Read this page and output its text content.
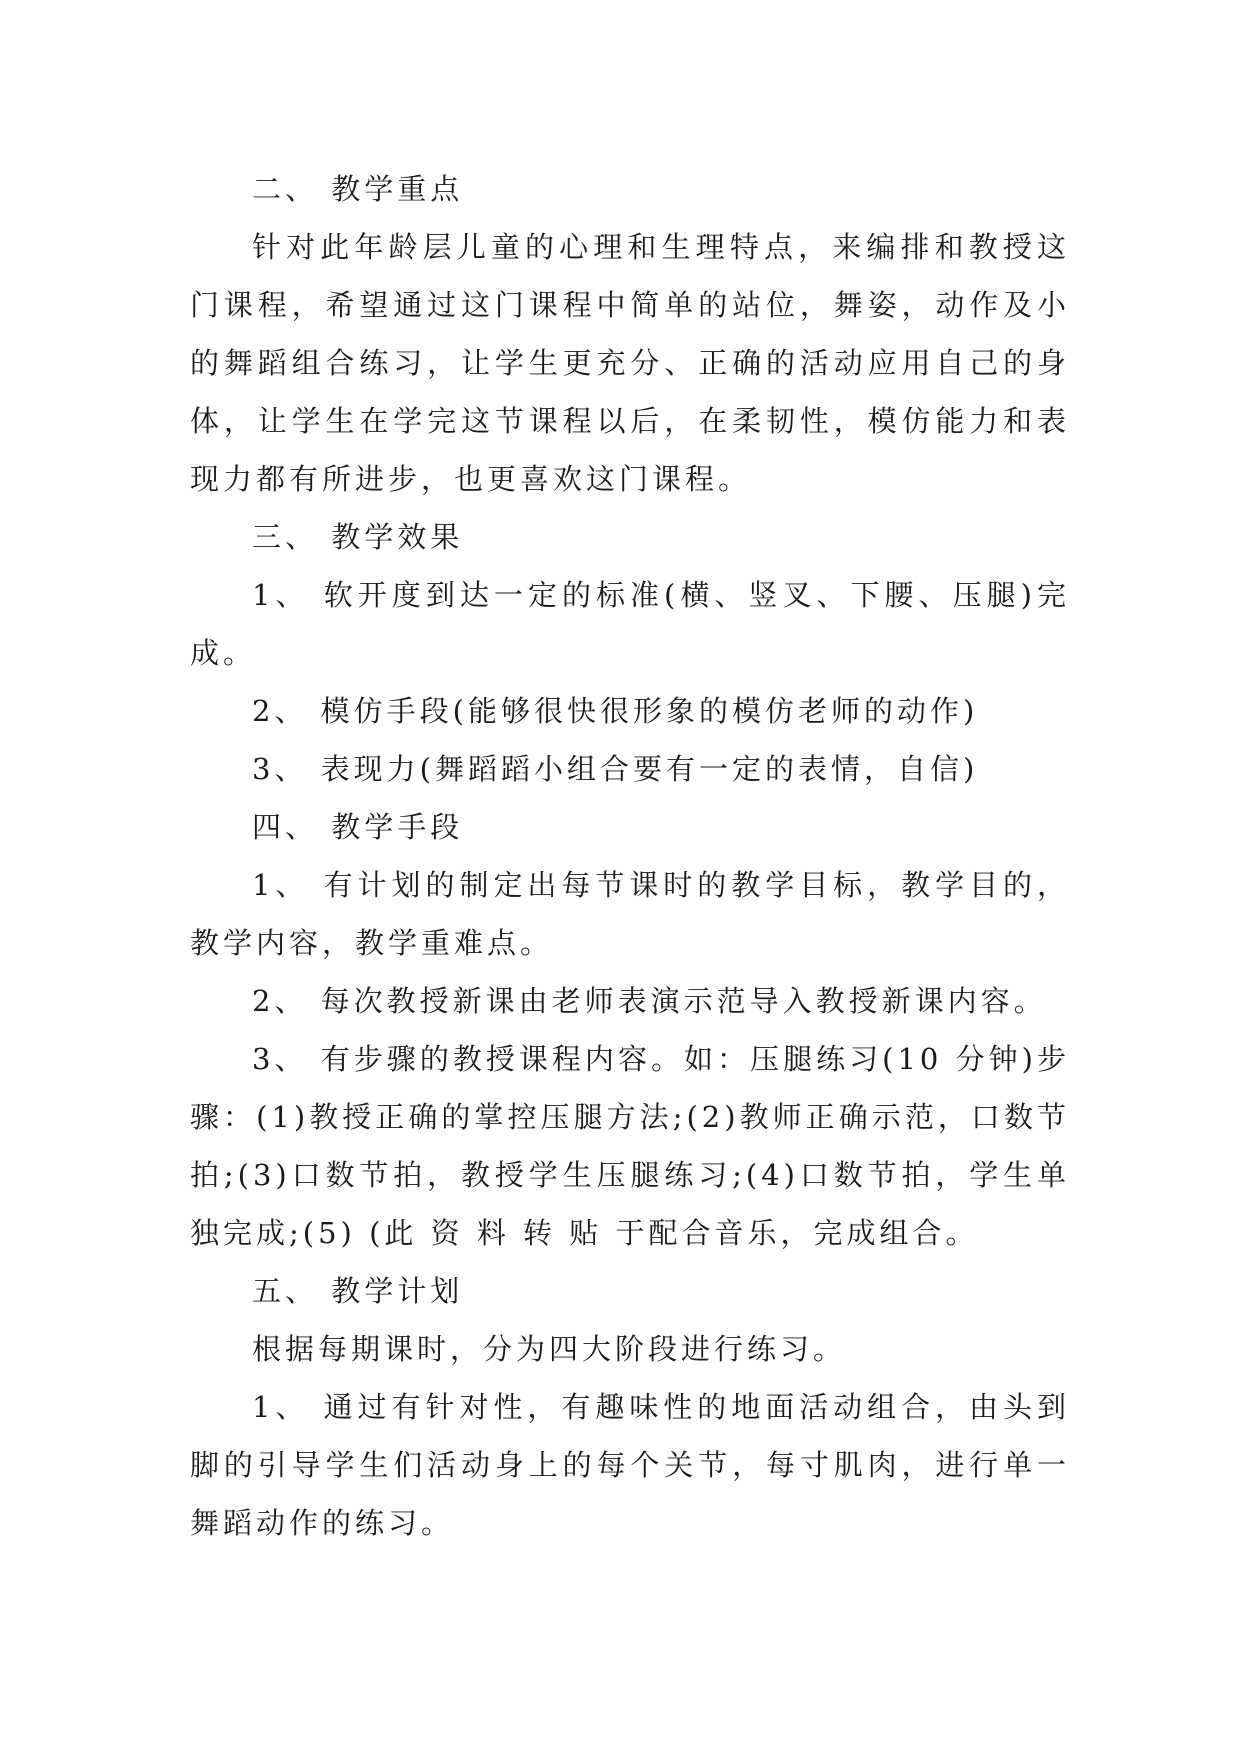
二、 教学重点

针对此年龄层儿童的心理和生理特点，来编排和教授这门课程，希望通过这门课程中简单的站位，舞姿，动作及小的舞蹈组合练习，让学生更充分、正确的活动应用自己的身体，让学生在学完这节课程以后，在柔韧性，模仿能力和表现力都有所进步，也更喜欢这门课程。

三、 教学效果

1、 软开度到达一定的标准(横、竖叉、下腰、压腿)完成。

2、 模仿手段(能够很快很形象的模仿老师的动作)

3、 表现力(舞蹈蹈小组合要有一定的表情，自信)

四、 教学手段

1、 有计划的制定出每节课时的教学目标，教学目的，教学内容，教学重难点。

2、 每次教授新课由老师表演示范导入教授新课内容。

3、 有步骤的教授课程内容。如：压腿练习(10 分钟)步骤：(1)教授正确的掌控压腿方法;(2)教师正确示范，口数节拍;(3)口数节拍，教授学生压腿练习;(4)口数节拍，学生单独完成;(5) (此 资 料 转 贴 于配合音乐，完成组合。

五、 教学计划

根据每期课时，分为四大阶段进行练习。

1、 通过有针对性，有趣味性的地面活动组合，由头到脚的引导学生们活动身上的每个关节，每寸肌肉，进行单一舞蹈动作的练习。
